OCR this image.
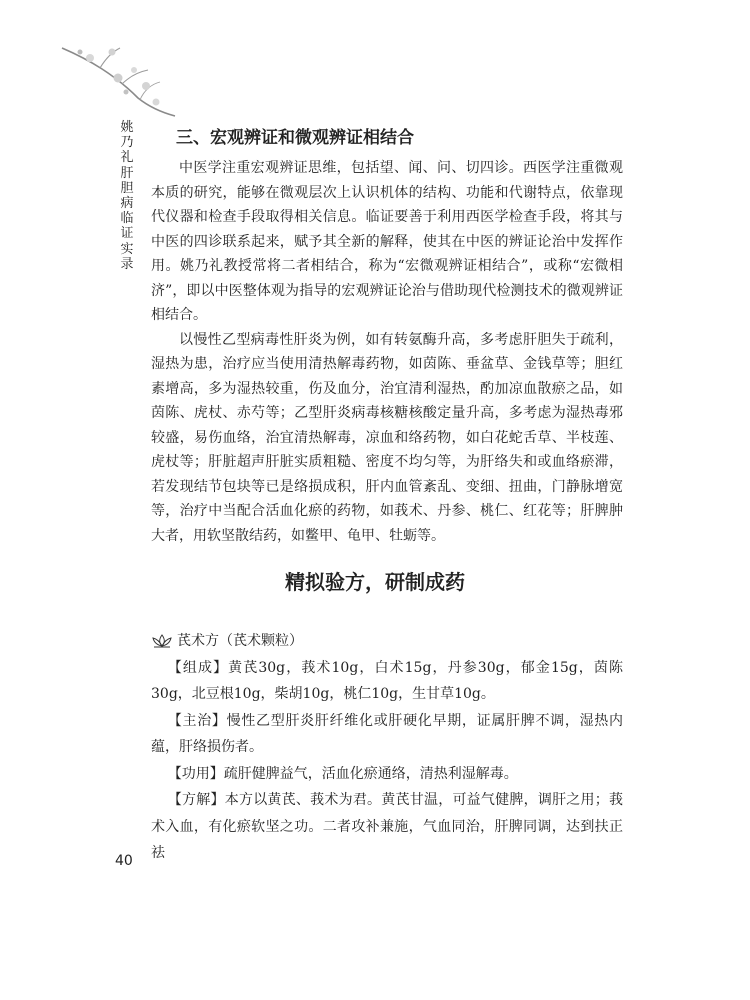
姚
乃
礼
肝
胆
病
临
证
实
录
三、宏观辨证和微观辨证相结合

中医学注重宏观辨证思维，包括望、闻、问、切四诊。西医学注重微观本质的研究，能够在微观层次上认识机体的结构、功能和代谢特点，依靠现代仪器和检查手段取得相关信息。临证要善于利用西医学检查手段，将其与中医的四诊联系起来，赋予其全新的解释，使其在中医的辨证论治中发挥作用。姚乃礼教授常将二者相结合，称为“宏微观辨证相结合”，或称“宏微相济”，即以中医整体观为指导的宏观辨证论治与借助现代检测技术的微观辨证相结合。

以慢性乙型病毒性肝炎为例，如有转氨酶升高，多考虑肝胆失于疏利，湿热为患，治疗应当使用清热解毒药物，如茵陈、垂盆草、金钱草等；胆红素增高，多为湿热较重，伤及血分，治宜清利湿热，酌加凉血散瘀之品，如茵陈、虎杖、赤芍等；乙型肝炎病毒核糖核酸定量升高，多考虑为湿热毒邪较盛，易伤血络，治宜清热解毒，凉血和络药物，如白花蛇舌草、半枝莲、虎杖等；肝脏超声肝脏实质粗糙、密度不均匀等，为肝络失和或血络瘀滞，若发现结节包块等已是络损成积，肝内血管紊乱、变细、扭曲，门静脉增宽等，治疗中当配合活血化瘀的药物，如莪术、丹参、桃仁、红花等；肝脾肿大者，用软坚散结药，如鳖甲、龟甲、牡蛎等。

精拟验方，研制成药

芪术方（芪术颗粒）

【组成】黄芪30g，莪术10g，白术15g，丹参30g，郁金15g，茵陈30g，北豆根10g，柴胡10g，桃仁10g，生甘草10g。

【主治】慢性乙型肝炎肝纤维化或肝硬化早期，证属肝脾不调，湿热内蕴，肝络损伤者。

【功用】疏肝健脾益气，活血化瘀通络，清热利湿解毒。

【方解】本方以黄芪、莪术为君。黄芪甘温，可益气健脾，调肝之用；莪术入血，有化瘀软坚之功。二者攻补兼施，气血同治，肝脾同调，达到扶正祛

40
